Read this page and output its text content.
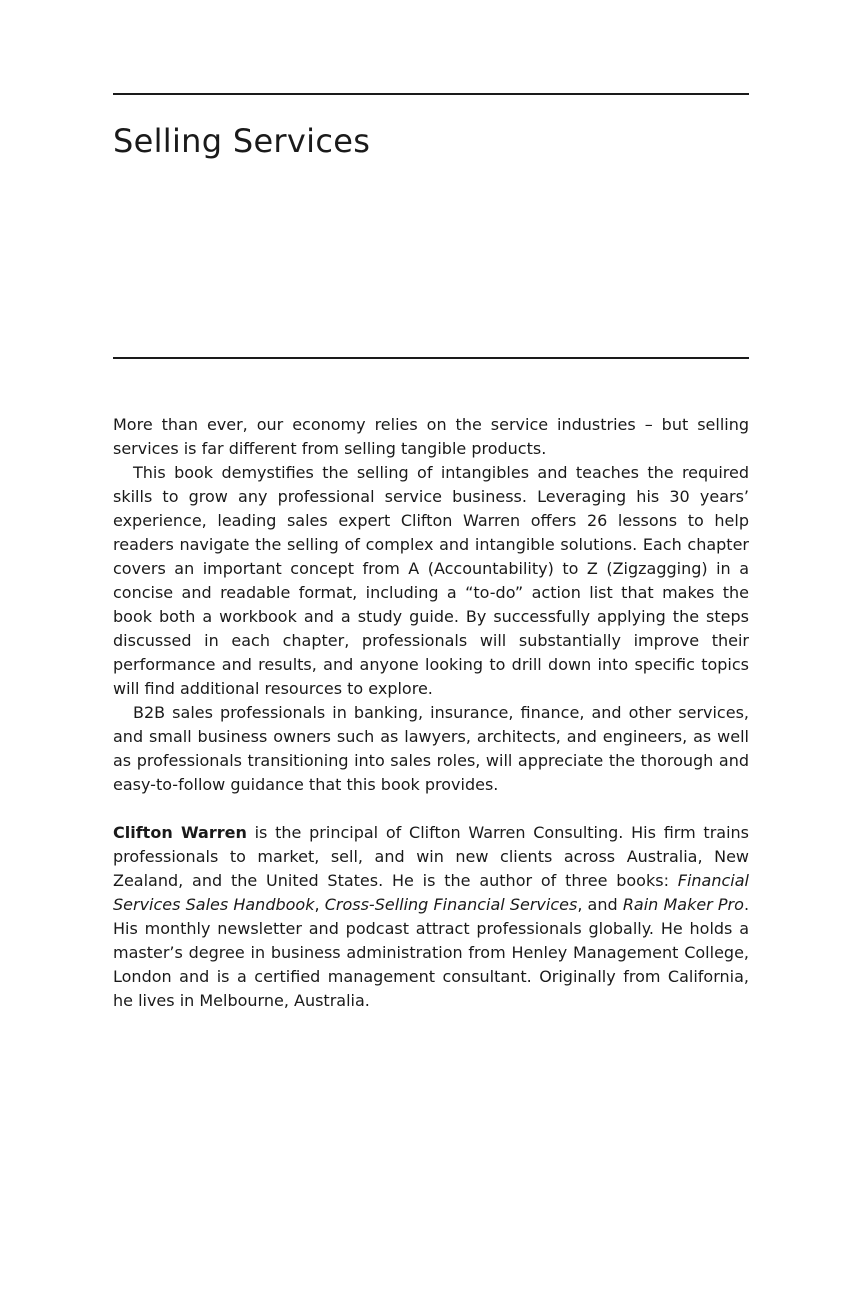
Selling Services

More than ever, our economy relies on the service industries – but selling services is far different from selling tangible products.

This book demystifies the selling of intangibles and teaches the required skills to grow any professional service business. Leveraging his 30 years’ experience, leading sales expert Clifton Warren offers 26 lessons to help readers navigate the selling of complex and intangible solutions. Each chapter covers an important concept from A (Accountability) to Z (Zigzagging) in a concise and readable format, including a “to-do” action list that makes the book both a workbook and a study guide. By successfully applying the steps discussed in each chapter, professionals will substantially improve their performance and results, and anyone looking to drill down into specific topics will find additional resources to explore.

B2B sales professionals in banking, insurance, finance, and other services, and small business owners such as lawyers, architects, and engineers, as well as professionals transitioning into sales roles, will appreciate the thorough and easy-to-follow guidance that this book provides.

Clifton Warren is the principal of Clifton Warren Consulting. His firm trains professionals to market, sell, and win new clients across Australia, New Zealand, and the United States. He is the author of three books: Financial Services Sales Handbook, Cross-Selling Financial Services, and Rain Maker Pro. His monthly newsletter and podcast attract professionals globally. He holds a master’s degree in business administration from Henley Management College, London and is a certified management consultant. Originally from California, he lives in Melbourne, Australia.
